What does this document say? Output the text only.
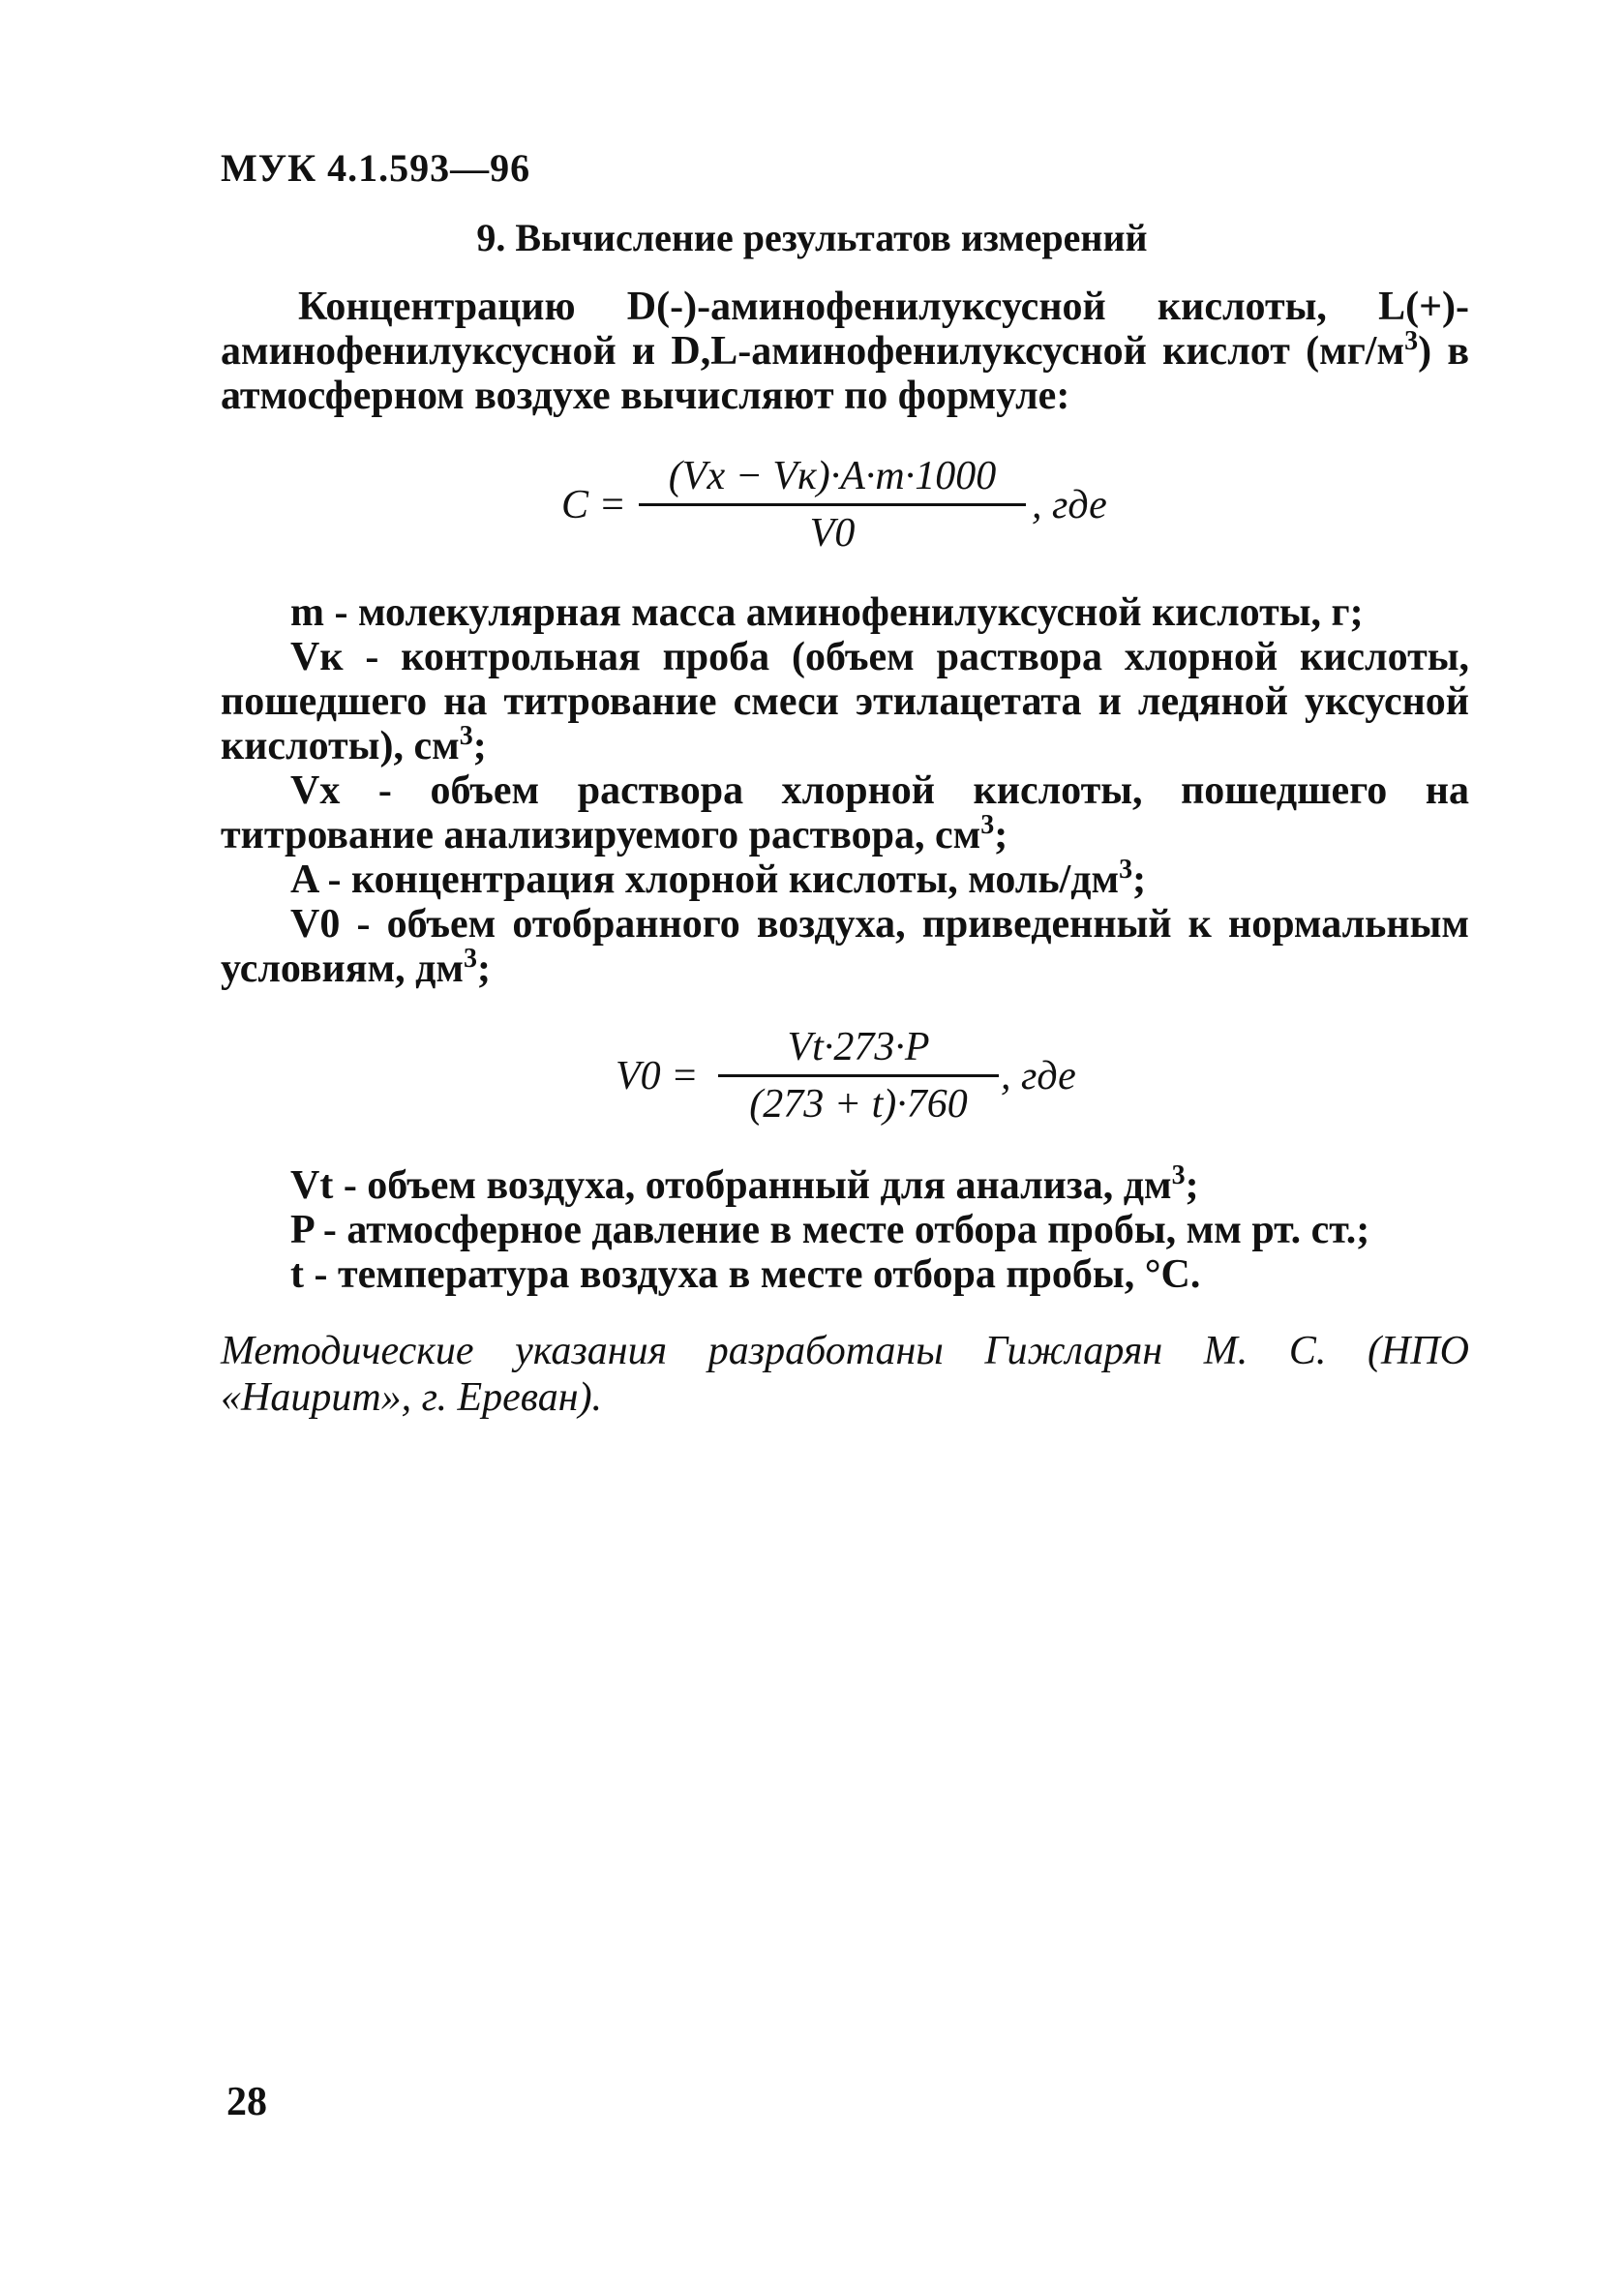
МУК 4.1.593—96
9. Вычисление результатов измерений
Концентрацию D(-)-аминофенилуксусной кислоты, L(+)-аминофенилуксусной и D,L-аминофенилуксусной кислот $(мг/м^3)$ в атмосферном воздухе вычисляют по формуле:
C =
(Vx − Vк)·A·m·1000
V0
, где

m - молекулярная масса аминофенилуксусной кислоты, г;

Vк - контрольная проба (объем раствора хлорной кислоты, пошедшего на титрование смеси этилацетата и ледяной уксусной кислоты), $см^3$;

Vx - объем раствора хлорной кислоты, пошедшего на титрование анализируемого раствора, $см^3$;

A - концентрация хлорной кислоты, моль/$дм^3$;

V0 - объем отобранного воздуха, приведенный к нормальным условиям, $дм^3$;

V0 =
Vt·273·P
(273 + t)·760
, где

Vt - объем воздуха, отобранный для анализа, $дм^3$;

P - атмосферное давление в месте отбора пробы, мм рт. ст.;

t - температура воздуха в месте отбора пробы, °С.

Методические указания разработаны Гижларян М. С. (НПО «Наирит», г. Ереван).
28
